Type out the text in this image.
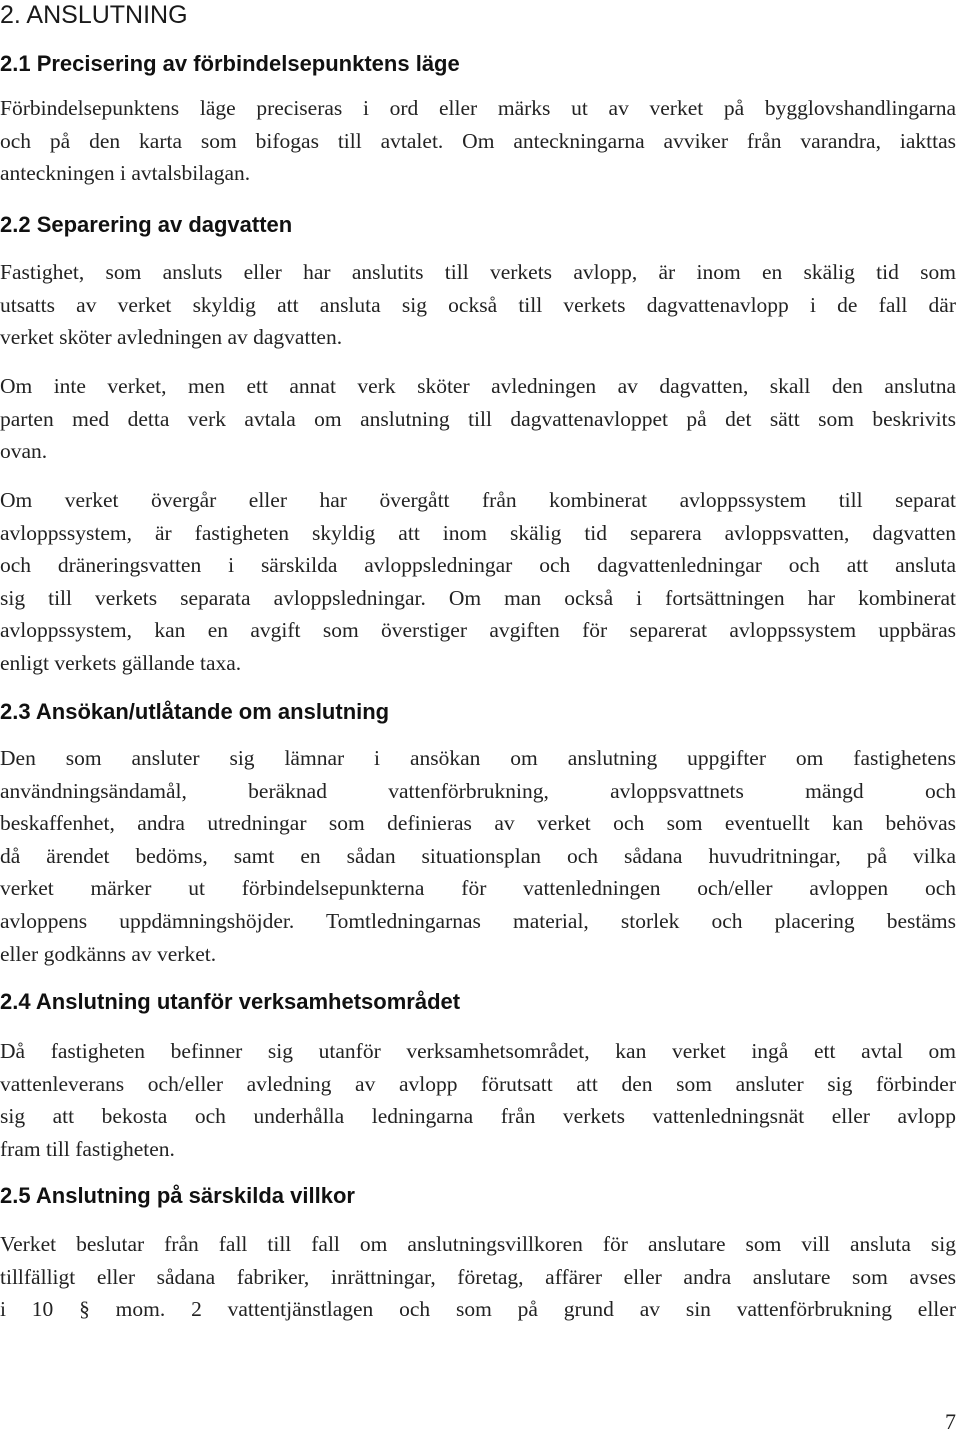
2. ANSLUTNING
2.1 Precisering av förbindelsepunktens läge

Förbindelsepunktens läge preciseras i ord eller märks ut av verket på bygglovshandlingarna
och på den karta som bifogas till avtalet. Om anteckningarna avviker från varandra, iakttas
anteckningen i avtalsbilagan.

2.2 Separering av dagvatten

Fastighet, som ansluts eller har anslutits till verkets avlopp, är inom en skälig tid som
utsatts av verket skyldig att ansluta sig också till verkets dagvattenavlopp i de fall där
verket sköter avledningen av dagvatten.

Om inte verket, men ett annat verk sköter avledningen av dagvatten, skall den anslutna
parten med detta verk avtala om anslutning till dagvattenavloppet på det sätt som beskrivits
ovan.

Om verket övergår eller har övergått från kombinerat avloppssystem till separat
avloppssystem, är fastigheten skyldig att inom skälig tid separera avloppsvatten, dagvatten
och dräneringsvatten i särskilda avloppsledningar och dagvattenledningar och att ansluta
sig till verkets separata avloppsledningar. Om man också i fortsättningen har kombinerat
avloppssystem, kan en avgift som överstiger avgiften för separerat avloppssystem uppbäras
enligt verkets gällande taxa.

2.3 Ansökan/utlåtande om anslutning

Den som ansluter sig lämnar i ansökan om anslutning uppgifter om fastighetens
användningsändamål, beräknad vattenförbrukning, avloppsvattnets mängd och
beskaffenhet, andra utredningar som definieras av verket och som eventuellt kan behövas
då ärendet bedöms, samt en sådan situationsplan och sådana huvudritningar, på vilka
verket märker ut förbindelsepunkterna för vattenledningen och/eller avloppen och
avloppens uppdämningshöjder. Tomtledningarnas material, storlek och placering bestäms
eller godkänns av verket.

2.4 Anslutning utanför verksamhetsområdet

Då fastigheten befinner sig utanför verksamhetsområdet, kan verket ingå ett avtal om
vattenleverans och/eller avledning av avlopp förutsatt att den som ansluter sig förbinder
sig att bekosta och underhålla ledningarna från verkets vattenledningsnät eller avlopp
fram till fastigheten.

2.5 Anslutning på särskilda villkor

Verket beslutar från fall till fall om anslutningsvillkoren för anslutare som vill ansluta sig
tillfälligt eller sådana fabriker, inrättningar, företag, affärer eller andra anslutare som avses
i 10 § mom. 2 vattentjänstlagen och som på grund av sin vattenförbrukning eller

7
